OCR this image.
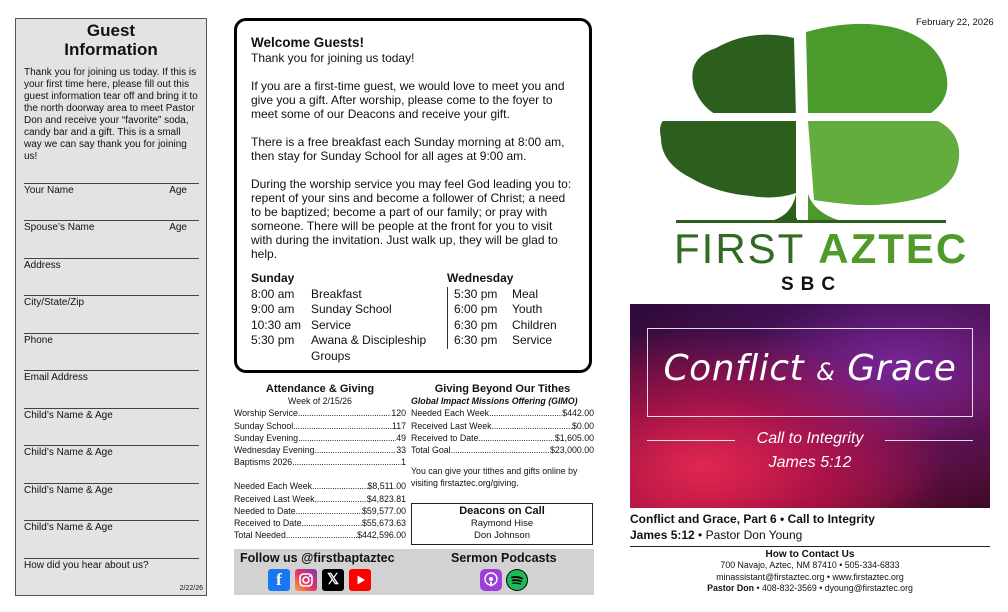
Guest
Information
Thank you for joining us today. If this is your first time here, please fill out this guest information tear off and bring it to the north doorway area to meet Pastor Don and receive your “favorite” soda, candy bar and a gift. This is a small way we can say thank you for joining us!
Your Name	Age
Spouse’s Name	Age
Address
City/State/Zip
Phone
Email Address
Child’s Name & Age
Child’s Name & Age
Child’s Name & Age
Child’s Name & Age
How did you hear about us?
2/22/26
Welcome Guests!

Thank you for joining us today!

If you are a first-time guest, we would love to meet you and give you a gift. After worship, please come to the foyer to meet some of our Deacons and receive your gift.

There is a free breakfast each Sunday morning at 8:00 am, then stay for Sunday School for all ages at 9:00 am.

During the worship service you may feel God leading you to: repent of your sins and become a follower of Christ; a need to be baptized; become a part of our family; or pray with someone. There will be people at the front for you to visit with during the invitation. Just walk up, they will be glad to help.

Sunday
8:00 am	Breakfast
9:00 am	Sunday School
10:30 am Service
5:30 pm	Awana & Discipleship
Groups
Wednesday
5:30 pm	Meal
6:00 pm	Youth
6:30 pm	Children
6:30 pm	Service
Attendance & Giving
Week of 2/15/26
Worship Service .....	120
Sunday School .....	117
Sunday Evening .....	49
Wednesday Evening .....	33
Baptisms 2026 .....	1
Needed Each Week .....	$8,511.00
Received Last Week .....	$4,823.81
Needed to Date .....	$59,577.00
Received to Date .....	$55,673.63
Total Needed .....	$442,596.00
Giving Beyond Our Tithes
Global Impact Missions Offering (GIMO)
Needed Each Week .....	$442.00
Received Last Week .....	$0.00
Received to Date .....	$1,605.00
Total Goal .....	$23,000.00
You can give your tithes and gifts online by visiting firstaztec.org/giving.
Deacons on Call
Raymond Hise
Don Johnson
Follow us @firstbaptaztec	Sermon Podcasts
f	𝕏
February 22, 2026
FIRST AZTEC
SBC
Conflict & Grace
Call to Integrity
James 5:12
Conflict and Grace, Part 6 • Call to Integrity
James 5:12 • Pastor Don Young
How to Contact Us
700 Navajo, Aztec, NM 87410 • 505-334-6833
minassistant@firstaztec.org • www.firstaztec.org
Pastor Don • 408-832-3569 • dyoung@firstaztec.org
